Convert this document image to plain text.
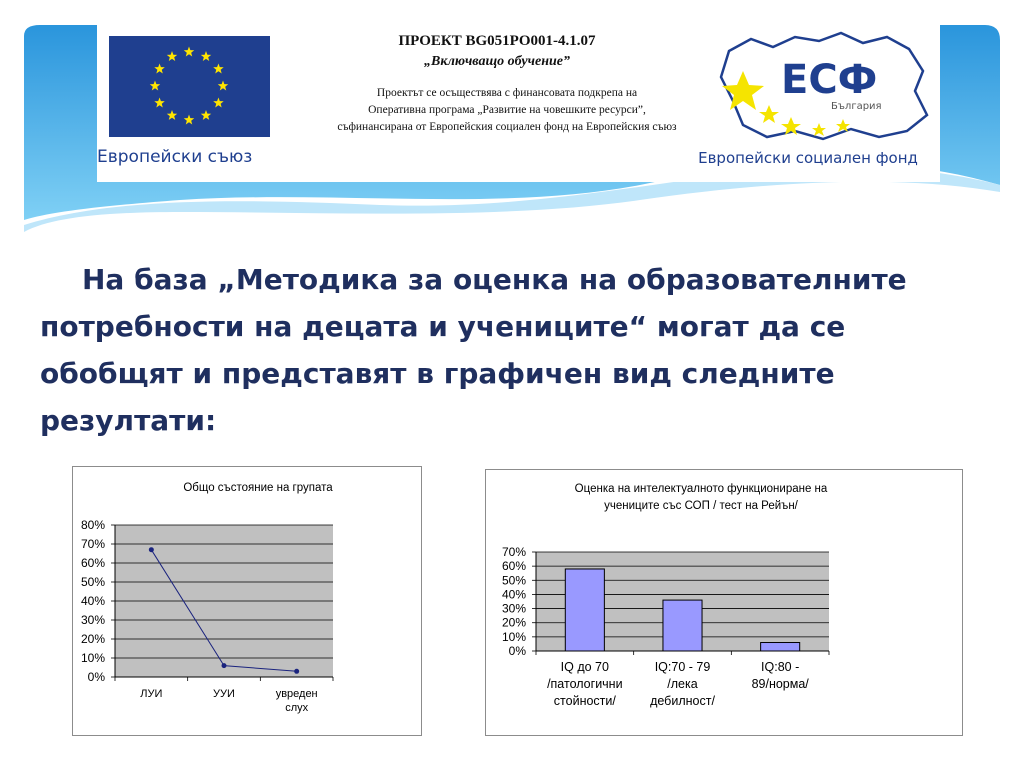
Европейски съюз
ПРОЕКТ BG051PO001-4.1.07
„Включващо обучение”
Проектът се осъществява с финансовата подкрепа на
Оперативна програма „Развитие на човешките ресурси”,
съфинансирана от Европейския социален фонд на Европейския съюз
ЕСФ
България
Европейски социален фонд

На база „Методика за оценка на образователните потребности на децата и учениците“ могат да се обобщят и представят в графичен вид следните резултати:

Общо състояние на групата
0%
10%
20%
30%
40%
50%
60%
70%
80%
ЛУИ	УУИ	увреден
слух
Оценка на интелектуалното функциониране на
учениците със СОП / тест на Рейън/
0%
10%
20%
30%
40%
50%
60%
70%
IQ до 70
/патологични
стойности/
IQ:70 - 79
/лека
дебилност/
IQ:80 -
89/норма/
